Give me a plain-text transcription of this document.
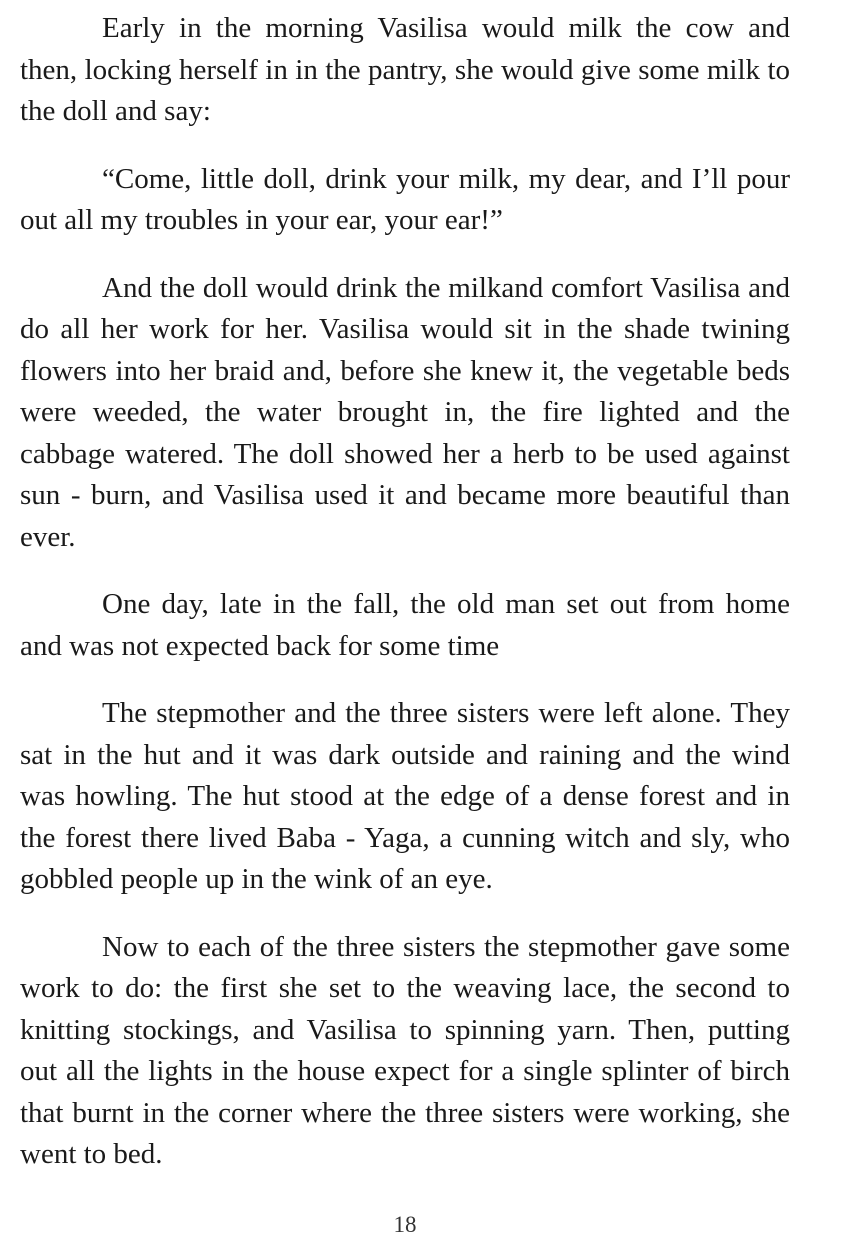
Early in the morning Vasilisa would milk the cow and then, locking herself in in the pantry, she would give some milk to the doll and say:

“Come, little doll, drink your milk, my dear, and I’ll pour out all my troubles in your ear, your ear!”

And the doll would drink the milkand comfort Vasilisa and do all her work for her. Vasilisa would sit in the shade twining flowers into her braid and, before she knew it, the vegetable beds were weeded, the water brought in, the fire lighted and the cabbage watered. The doll showed her a herb to be used against sun - burn, and Vasilisa used it and became more beautiful than ever.

One day, late in the fall, the old man set out from home and was not expected back for some time

The stepmother and the three sisters were left alone. They sat in the hut and it was dark outside and raining and the wind was howling. The hut stood at the edge of a dense forest and in the forest there lived Baba - Yaga, a cunning witch and sly, who gobbled people up in the wink of an eye.

Now to each of the three sisters the stepmother gave some work to do: the first she set to the weaving lace, the second to knitting stockings, and Vasilisa to spinning yarn. Then, putting out all the lights in the house expect for a single splinter of birch that burnt in the corner where the three sisters were working, she went to bed.

18
